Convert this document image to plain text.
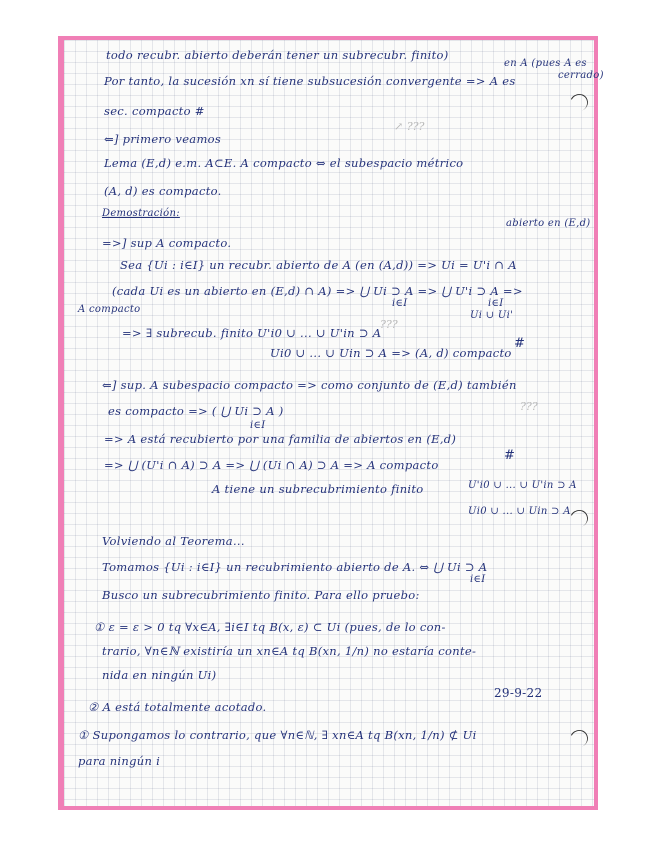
todo recubr. abierto deberán tener un subrecubr. finito)
Por tanto, la sucesión xn sí tiene subsucesión convergente => A es
sec. compacto #
⇐] primero veamos
Lema (E,d) e.m. A⊂E. A compacto ⇔ el subespacio métrico
(A, d) es compacto.
Demostración:
=>] sup A compacto.
Sea {Ui : i∈I} un recubr. abierto de A (en (A,d)) => Ui = U'i ∩ A
(cada Ui es un abierto en (E,d) ∩ A) => ⋃ Ui ⊃ A => ⋃ U'i ⊃ A =>
=> ∃ subrecub. finito U'i0 ∪ ... ∪ U'in ⊃ A
Ui0 ∪ ... ∪ Uin ⊃ A => (A, d) compacto
⇐] sup. A subespacio compacto => como conjunto de (E,d) también
es compacto => ( ⋃ Ui ⊃ A )
=> A está recubierto por una familia de abiertos en (E,d)
=> ⋃ (U'i ∩ A) ⊃ A => ⋃ (Ui ∩ A) ⊃ A => A compacto
A tiene un subrecubrimiento finito
Volviendo al Teorema...
Tomamos {Ui : i∈I} un recubrimiento abierto de A. ⇔ ⋃ Ui ⊃ A
Busco un subrecubrimiento finito. Para ello pruebo:
① ε = ε > 0 tq ∀x∈A, ∃i∈I tq B(x, ε) ⊂ Ui (pues, de lo con-
trario, ∀n∈ℕ existiría un xn∈A tq B(xn, 1/n) no estaría conte-
nida en ningún Ui)
② A está totalmente acotado.
① Supongamos lo contrario, que ∀n∈ℕ, ∃ xn∈A tq B(xn, 1/n) ⊄ Ui
para ningún i
en A (pues A es
cerrado)
abierto en (E,d)
A compacto
i∈I	i∈I
Ui ∪ Ui'
i∈I
#
#
U'i0 ∪ ... ∪ U'in ⊃ A
Ui0 ∪ ... ∪ Uin ⊃ A
i∈I
29-9-22
↗ ???
???
???
